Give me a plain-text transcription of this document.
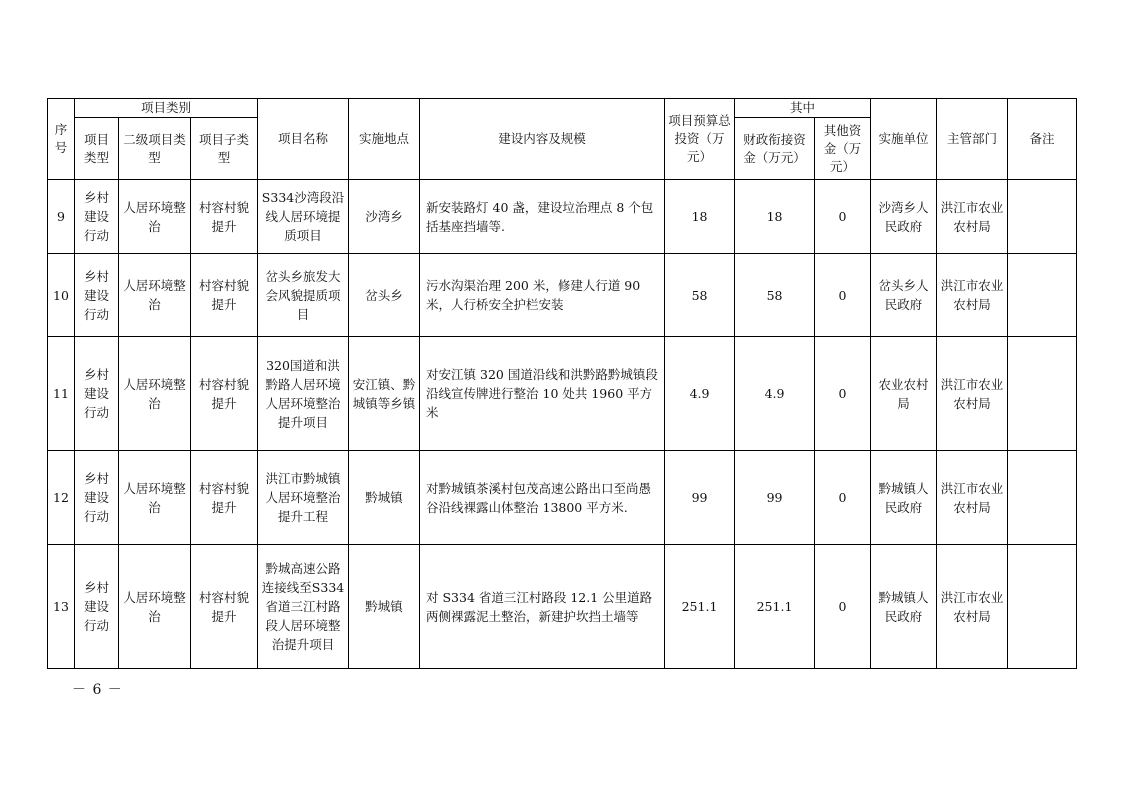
序号	项目类别			项目名称	实施地点	建设内容及规模	项目预算总投资（万元）	其中		实施单位	主管部门	备注
	项目类型	二级项目类型	项目子类型					财政衔接资金（万元）	其他资金（万元）			
9	乡村建设行动	人居环境整治	村容村貌提升	S334沙湾段沿线人居环境提质项目	沙湾乡	新安装路灯 40 盏，建设垃治理点 8 个包括基座挡墙等.	18	18	0	沙湾乡人民政府	洪江市农业农村局	
10	乡村建设行动	人居环境整治	村容村貌提升	岔头乡旅发大会风貌提质项目	岔头乡	污水沟渠治理 200 米，修建人行道 90 米，人行桥安全护栏安装	58	58	0	岔头乡人民政府	洪江市农业农村局	
11	乡村建设行动	人居环境整治	村容村貌提升	320国道和洪黔路人居环境人居环境整治提升项目	安江镇、黔城镇等乡镇	对安江镇 320 国道沿线和洪黔路黔城镇段沿线宣传牌进行整治 10 处共 1960 平方米	4.9	4.9	0	农业农村局	洪江市农业农村局	
12	乡村建设行动	人居环境整治	村容村貌提升	洪江市黔城镇人居环境整治提升工程	黔城镇	对黔城镇茶溪村包茂高速公路出口至尚愚谷沿线裸露山体整治 13800 平方米.	99	99	0	黔城镇人民政府	洪江市农业农村局	
13	乡村建设行动	人居环境整治	村容村貌提升	黔城高速公路连接线至S334省道三江村路段人居环境整治提升项目	黔城镇	对 S334 省道三江村路段 12.1 公里道路两侧裸露泥土整治，新建护坎挡土墙等	251.1	251.1	0	黔城镇人民政府	洪江市农业农村局	
－ 6 －
